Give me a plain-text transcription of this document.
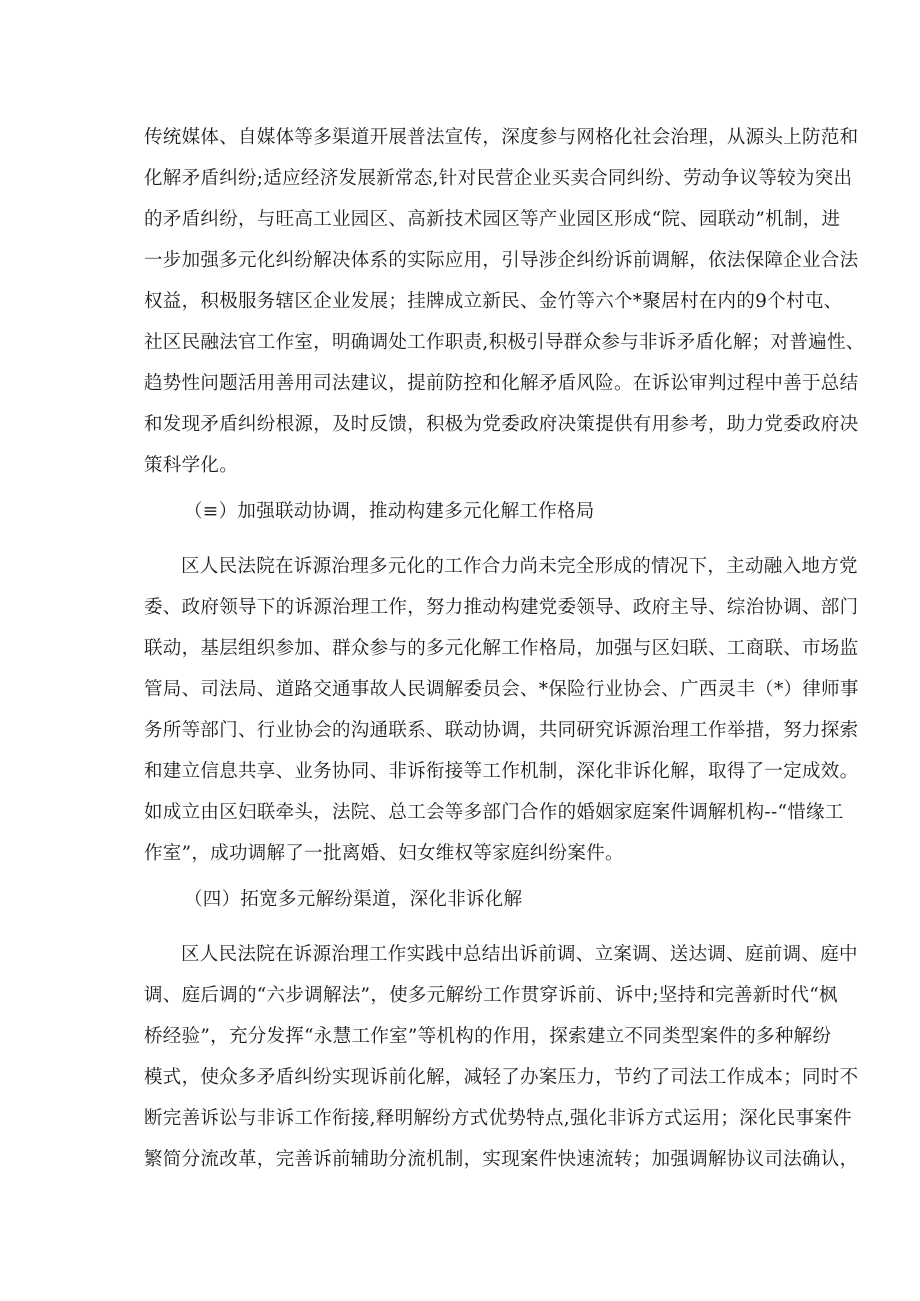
传统媒体、自媒体等多渠道开展普法宣传，深度参与网格化社会治理，从源头上防范和
化解矛盾纠纷;适应经济发展新常态,针对民营企业买卖合同纠纷、劳动争议等较为突出
的矛盾纠纷，与旺高工业园区、高新技术园区等产业园区形成“院、园联动”机制，进
一步加强多元化纠纷解决体系的实际应用，引导涉企纠纷诉前调解，依法保障企业合法
权益，积极服务辖区企业发展；挂牌成立新民、金竹等六个*聚居村在内的9个村屯、
社区民融法官工作室，明确调处工作职责,积极引导群众参与非诉矛盾化解；对普遍性、
趋势性问题活用善用司法建议，提前防控和化解矛盾风险。在诉讼审判过程中善于总结
和发现矛盾纠纷根源，及时反馈，积极为党委政府决策提供有用参考，助力党委政府决
策科学化。
（≡）加强联动协调，推动构建多元化解工作格局
区人民法院在诉源治理多元化的工作合力尚未完全形成的情况下，主动融入地方党
委、政府领导下的诉源治理工作，努力推动构建党委领导、政府主导、综治协调、部门
联动，基层组织参加、群众参与的多元化解工作格局，加强与区妇联、工商联、市场监
管局、司法局、道路交通事故人民调解委员会、*保险行业协会、广西灵丰（*）律师事
务所等部门、行业协会的沟通联系、联动协调，共同研究诉源治理工作举措，努力探索
和建立信息共享、业务协同、非诉衔接等工作机制，深化非诉化解，取得了一定成效。
如成立由区妇联牵头，法院、总工会等多部门合作的婚姻家庭案件调解机构--“惜缘工
作室”，成功调解了一批离婚、妇女维权等家庭纠纷案件。
（四）拓宽多元解纷渠道，深化非诉化解
区人民法院在诉源治理工作实践中总结出诉前调、立案调、送达调、庭前调、庭中
调、庭后调的“六步调解法”，使多元解纷工作贯穿诉前、诉中;坚持和完善新时代“枫
桥经验”，充分发挥“永慧工作室”等机构的作用，探索建立不同类型案件的多种解纷
模式，使众多矛盾纠纷实现诉前化解，减轻了办案压力，节约了司法工作成本；同时不
断完善诉讼与非诉工作衔接,释明解纷方式优势特点,强化非诉方式运用；深化民事案件
繁简分流改革，完善诉前辅助分流机制，实现案件快速流转；加强调解协议司法确认，
